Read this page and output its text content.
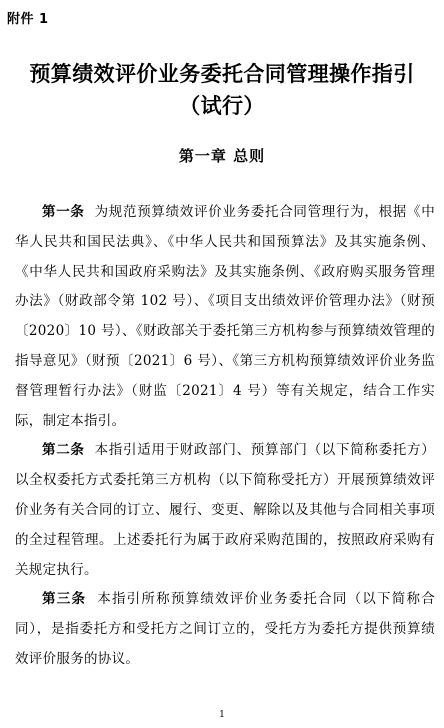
附件 1
预算绩效评价业务委托合同管理操作指引
（试行）
第一章 总则

第一条 为规范预算绩效评价业务委托合同管理行为，根据《中华人民共和国民法典》、《中华人民共和国预算法》及其实施条例、《中华人民共和国政府采购法》及其实施条例、《政府购买服务管理办法》（财政部令第 102 号）、《项目支出绩效评价管理办法》（财预〔2020〕10 号）、《财政部关于委托第三方机构参与预算绩效管理的指导意见》（财预〔2021〕6 号）、《第三方机构预算绩效评价业务监督管理暂行办法》（财监〔2021〕4 号）等有关规定，结合工作实际，制定本指引。

第二条 本指引适用于财政部门、预算部门（以下简称委托方）以全权委托方式委托第三方机构（以下简称受托方）开展预算绩效评价业务有关合同的订立、履行、变更、解除以及其他与合同相关事项的全过程管理。上述委托行为属于政府采购范围的，按照政府采购有关规定执行。

第三条 本指引所称预算绩效评价业务委托合同（以下简称合同），是指委托方和受托方之间订立的，受托方为委托方提供预算绩效评价服务的协议。

1
